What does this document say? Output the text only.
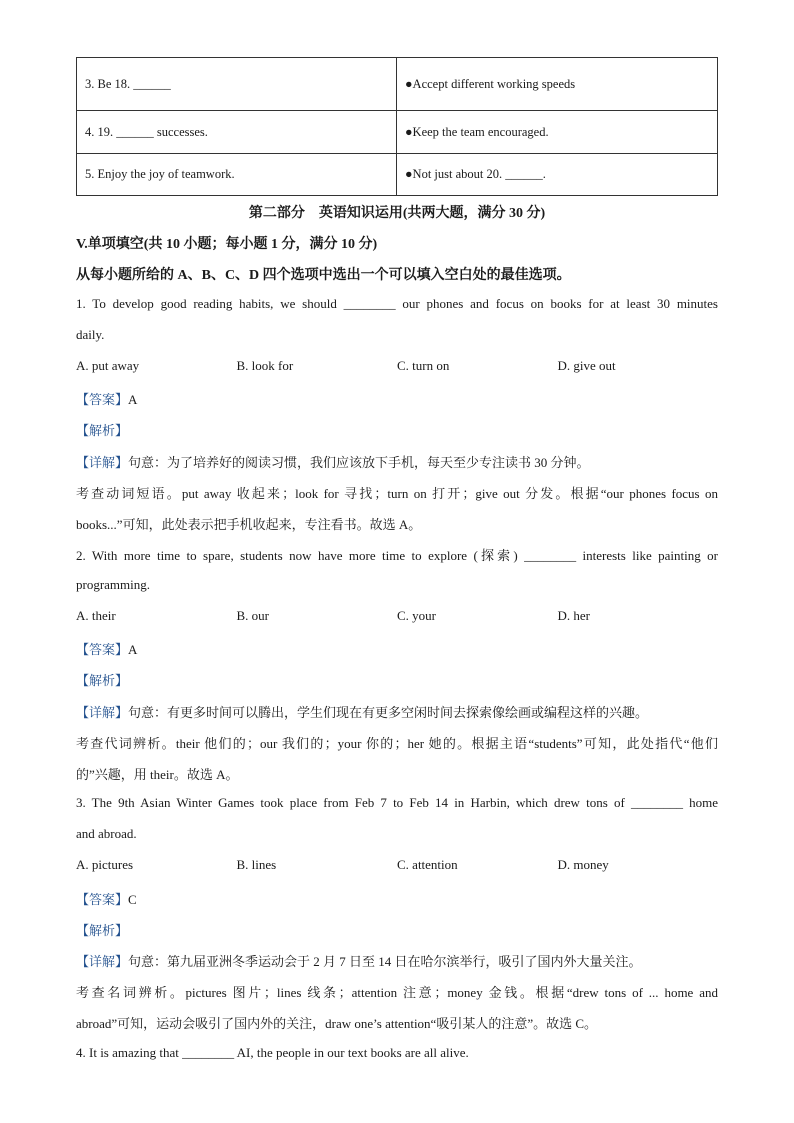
3. Be 18. ______	●Accept different working speeds
4. 19. ______ successes.	●Keep the team encouraged.
5. Enjoy the joy of teamwork.	●Not just about 20. ______.
第二部分　英语知识运用(共两大题，满分 30 分)
V.单项填空(共 10 小题；每小题 1 分，满分 10 分)
从每小题所给的 A、B、C、D 四个选项中选出一个可以填入空白处的最佳选项。
1. To develop good reading habits, we should ________ our phones and focus on books for at least 30 minutes
daily.
A. put away	B. look for	C. turn on	D. give out
【答案】A
【解析】
【详解】句意：为了培养好的阅读习惯，我们应该放下手机，每天至少专注读书 30 分钟。
考查动词短语。put away 收起来；look for 寻找；turn on 打开；give out 分发。根据“our phones focus on
books...”可知，此处表示把手机收起来，专注看书。故选 A。
2. With more time to spare, students now have more time to explore (探索) ________ interests like painting or
programming.
A. their	B. our	C. your	D. her
【答案】A
【解析】
【详解】句意：有更多时间可以腾出，学生们现在有更多空闲时间去探索像绘画或编程这样的兴趣。
考查代词辨析。their 他们的；our 我们的；your 你的；her 她的。根据主语“students”可知，此处指代“他们
的”兴趣，用 their。故选 A。
3. The 9th Asian Winter Games took place from Feb 7 to Feb 14 in Harbin, which drew tons of ________ home
and abroad.
A. pictures	B. lines	C. attention	D. money
【答案】C
【解析】
【详解】句意：第九届亚洲冬季运动会于 2 月 7 日至 14 日在哈尔滨举行，吸引了国内外大量关注。
考查名词辨析。pictures 图片；lines 线条；attention 注意；money 金钱。根据“drew tons of ... home and
abroad”可知，运动会吸引了国内外的关注，draw one’s attention“吸引某人的注意”。故选 C。
4. It is amazing that ________ AI, the people in our text books are all alive.
